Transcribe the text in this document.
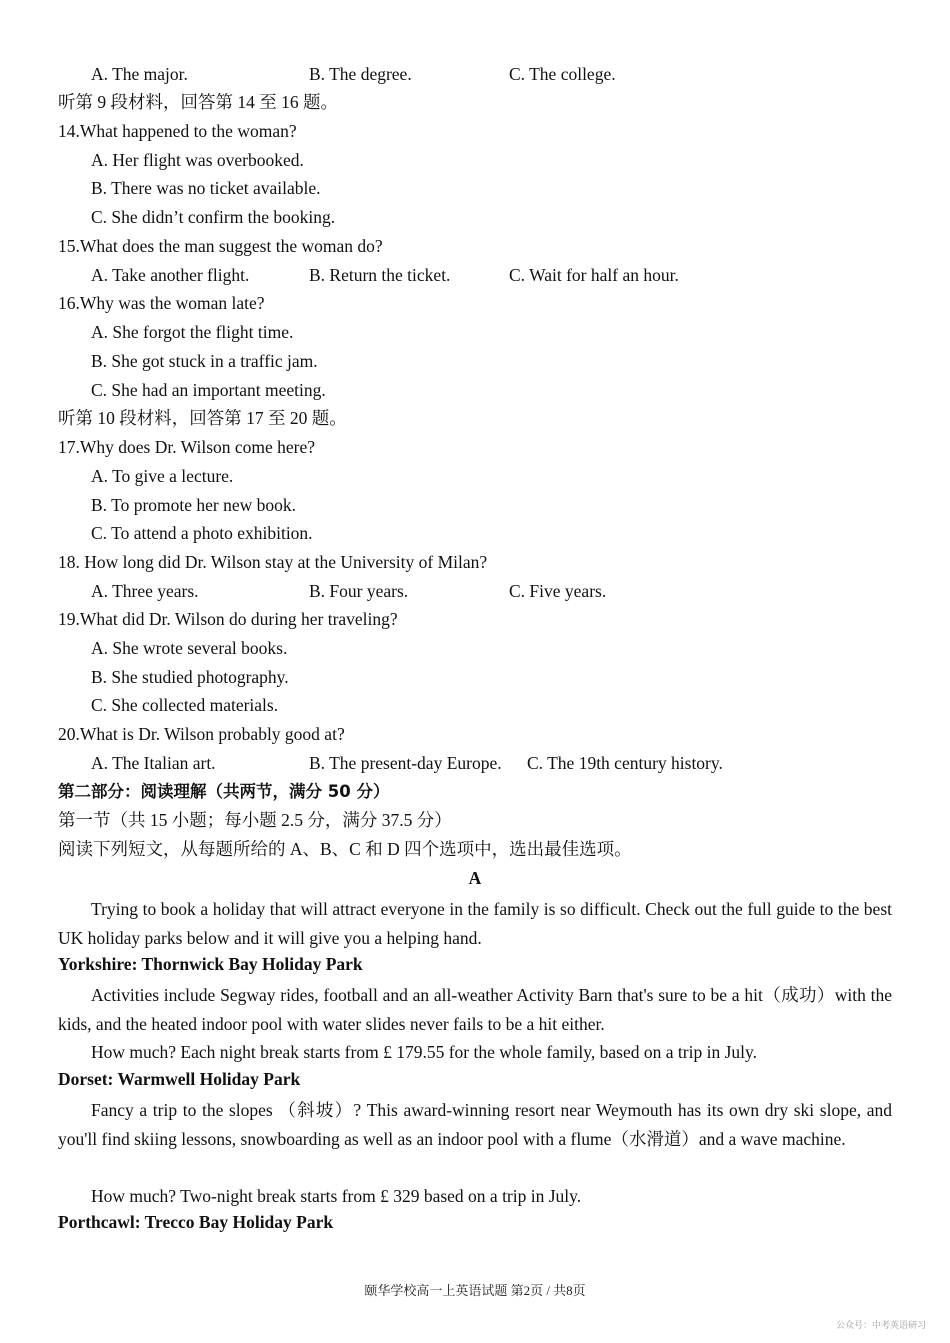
A. The major.	B. The degree.	C. The college.
听第 9 段材料，回答第 14 至 16 题。
14.What happened to the woman?
A. Her flight was overbooked.
B. There was no ticket available.
C. She didn’t confirm the booking.
15.What does the man suggest the woman do?
A. Take another flight.	B. Return the ticket.	C. Wait for half an hour.
16.Why was the woman late?
A. She forgot the flight time.
B. She got stuck in a traffic jam.
C. She had an important meeting.
听第 10 段材料，回答第 17 至 20 题。
17.Why does Dr. Wilson come here?
A. To give a lecture.
B. To promote her new book.
C. To attend a photo exhibition.
18. How long did Dr. Wilson stay at the University of Milan?
A. Three years.	B. Four years.	C. Five years.
19.What did Dr. Wilson do during her traveling?
A. She wrote several books.
B. She studied photography.
C. She collected materials.
20.What is Dr. Wilson probably good at?
A. The Italian art.	B. The present-day Europe.	C. The 19th century history.
第二部分：阅读理解（共两节，满分 50 分）
第一节（共 15 小题；每小题 2.5 分，满分 37.5 分）
阅读下列短文，从每题所给的 A、B、C 和 D 四个选项中，选出最佳选项。
A
Trying to book a holiday that will attract everyone in the family is so difficult. Check out the full guide to the best UK holiday parks below and it will give you a helping hand.
Yorkshire: Thornwick Bay Holiday Park
Activities include Segway rides, football and an all-weather Activity Barn that's sure to be a hit（成功）with the kids, and the heated indoor pool with water slides never fails to be a hit either.
How much? Each night break starts from £ 179.55 for the whole family, based on a trip in July.
Dorset: Warmwell Holiday Park
Fancy a trip to the slopes （斜坡）? This award-winning resort near Weymouth has its own dry ski slope, and you'll find skiing lessons, snowboarding as well as an indoor pool with a flume（水滑道）and a wave machine.
How much? Two-night break starts from £ 329 based on a trip in July.
Porthcawl: Trecco Bay Holiday Park
颐华学校高一上英语试题 第2页 / 共8页
公众号：中考英语研习
